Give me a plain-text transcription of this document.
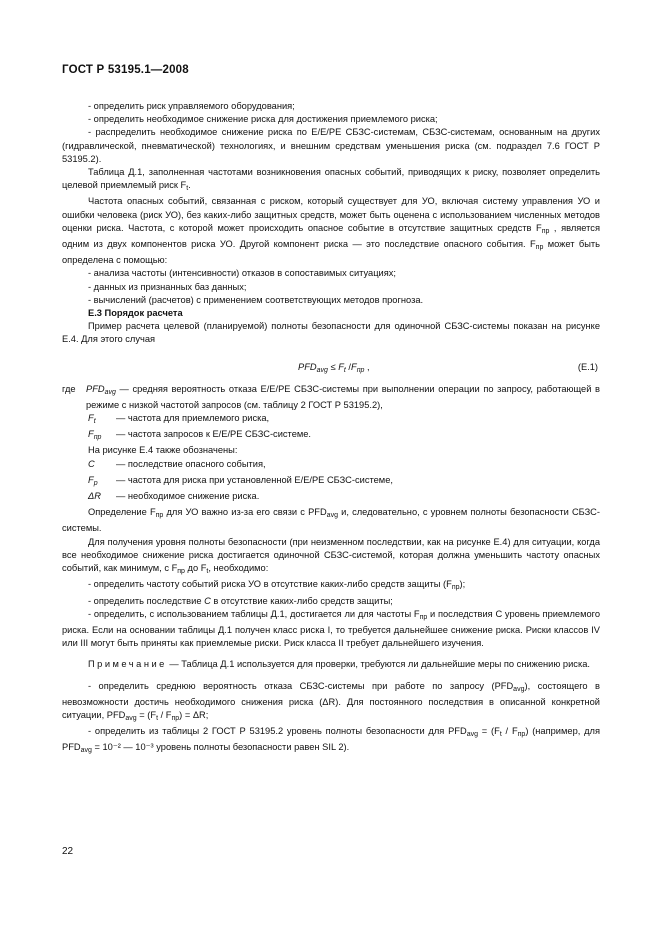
ГОСТ Р 53195.1—2008

- определить риск управляемого оборудования;

- определить необходимое снижение риска для достижения приемлемого риска;

- распределить необходимое снижение риска по Е/Е/РЕ СБЗС-системам, СБЗС-системам, основанным на других (гидравлической, пневматической) технологиях, и внешним средствам уменьшения риска (см. подраздел 7.6 ГОСТ Р 53195.2).

Таблица Д.1, заполненная частотами возникновения опасных событий, приводящих к риску, позволяет определить целевой приемлемый риск $F_t$.

Частота опасных событий, связанная с риском, который существует для УО, включая систему управления УО и ошибки человека (риск УО), без каких-либо защитных средств, может быть оценена с использованием численных методов оценки риска. Частота, с которой может происходить опасное событие в отсутствие защитных средств $F_{пр}$ , является одним из двух компонентов риска УО. Другой компонент риска — это последствие опасного события. $F_{пр}$ может быть определена с помощью:

- анализа частоты (интенсивности) отказов в сопоставимых ситуациях;

- данных из признанных баз данных;

- вычислений (расчетов) с применением соответствующих методов прогноза.

Е.3 Порядок расчета

Пример расчета целевой (планируемой) полноты безопасности для одиночной СБЗС-системы показан на рисунке Е.4. Для этого случая

$PFD_{avg} \le F_t$ $/F_{пр}$ ,	(Е.1)
где	$PFD_{avg}$ — средняя вероятность отказа Е/Е/РЕ СБЗС-системы при выполнении операции по запросу, работающей в режиме с низкой частотой запросов (см. таблицу 2 ГОСТ Р 53195.2),
$F_t$	— частота для приемлемого риска,
$F_{пр}$	— частота запросов к Е/Е/РЕ СБЗС-системе.

На рисунке Е.4 также обозначены:

C	— последствие опасного события,
$F_p$	— частота для риска при установленной Е/Е/РЕ СБЗС-системе,
ΔR	— необходимое снижение риска.

Определение $F_{пр}$ для УО важно из-за его связи с $PFD_{avg}$ и, следовательно, с уровнем полноты безопасности СБЗС-системы.

Для получения уровня полноты безопасности (при неизменном последствии, как на рисунке Е.4) для ситуации, когда все необходимое снижение риска достигается одиночной СБЗС-системой, которая должна уменьшить частоту опасных событий, как минимум, с $F_{пр}$ до $F_t$, необходимо:

- определить частоту событий риска УО в отсутствие каких-либо средств защиты $(F_{пр})$;

- определить последствие C в отсутствие каких-либо средств защиты;

- определить, с использованием таблицы Д.1, достигается ли для частоты $F_{пр}$ и последствия C уровень приемлемого риска. Если на основании таблицы Д.1 получен класс риска I, то требуется дальнейшее снижение риска. Риски классов IV или III могут быть приняты как приемлемые риски. Риск класса II требует дальнейшего изучения.

Примечание — Таблица Д.1 используется для проверки, требуются ли дальнейшие меры по снижению риска.

- определить среднюю вероятность отказа СБЗС-системы при работе по запросу $(PFD_{avg})$, состоящего в невозможности достичь необходимого снижения риска (ΔR). Для постоянного последствия в описанной конкретной ситуации, $PFD_{avg} = (F_t / F_{пр}) = \Delta R$;

- определить из таблицы 2 ГОСТ Р 53195.2 уровень полноты безопасности для $PFD_{avg} = (F_t / F_{пр})$ (например, для $PFD_{avg} = 10^{-2}$ — 10⁻³ уровень полноты безопасности равен SIL 2).

22
